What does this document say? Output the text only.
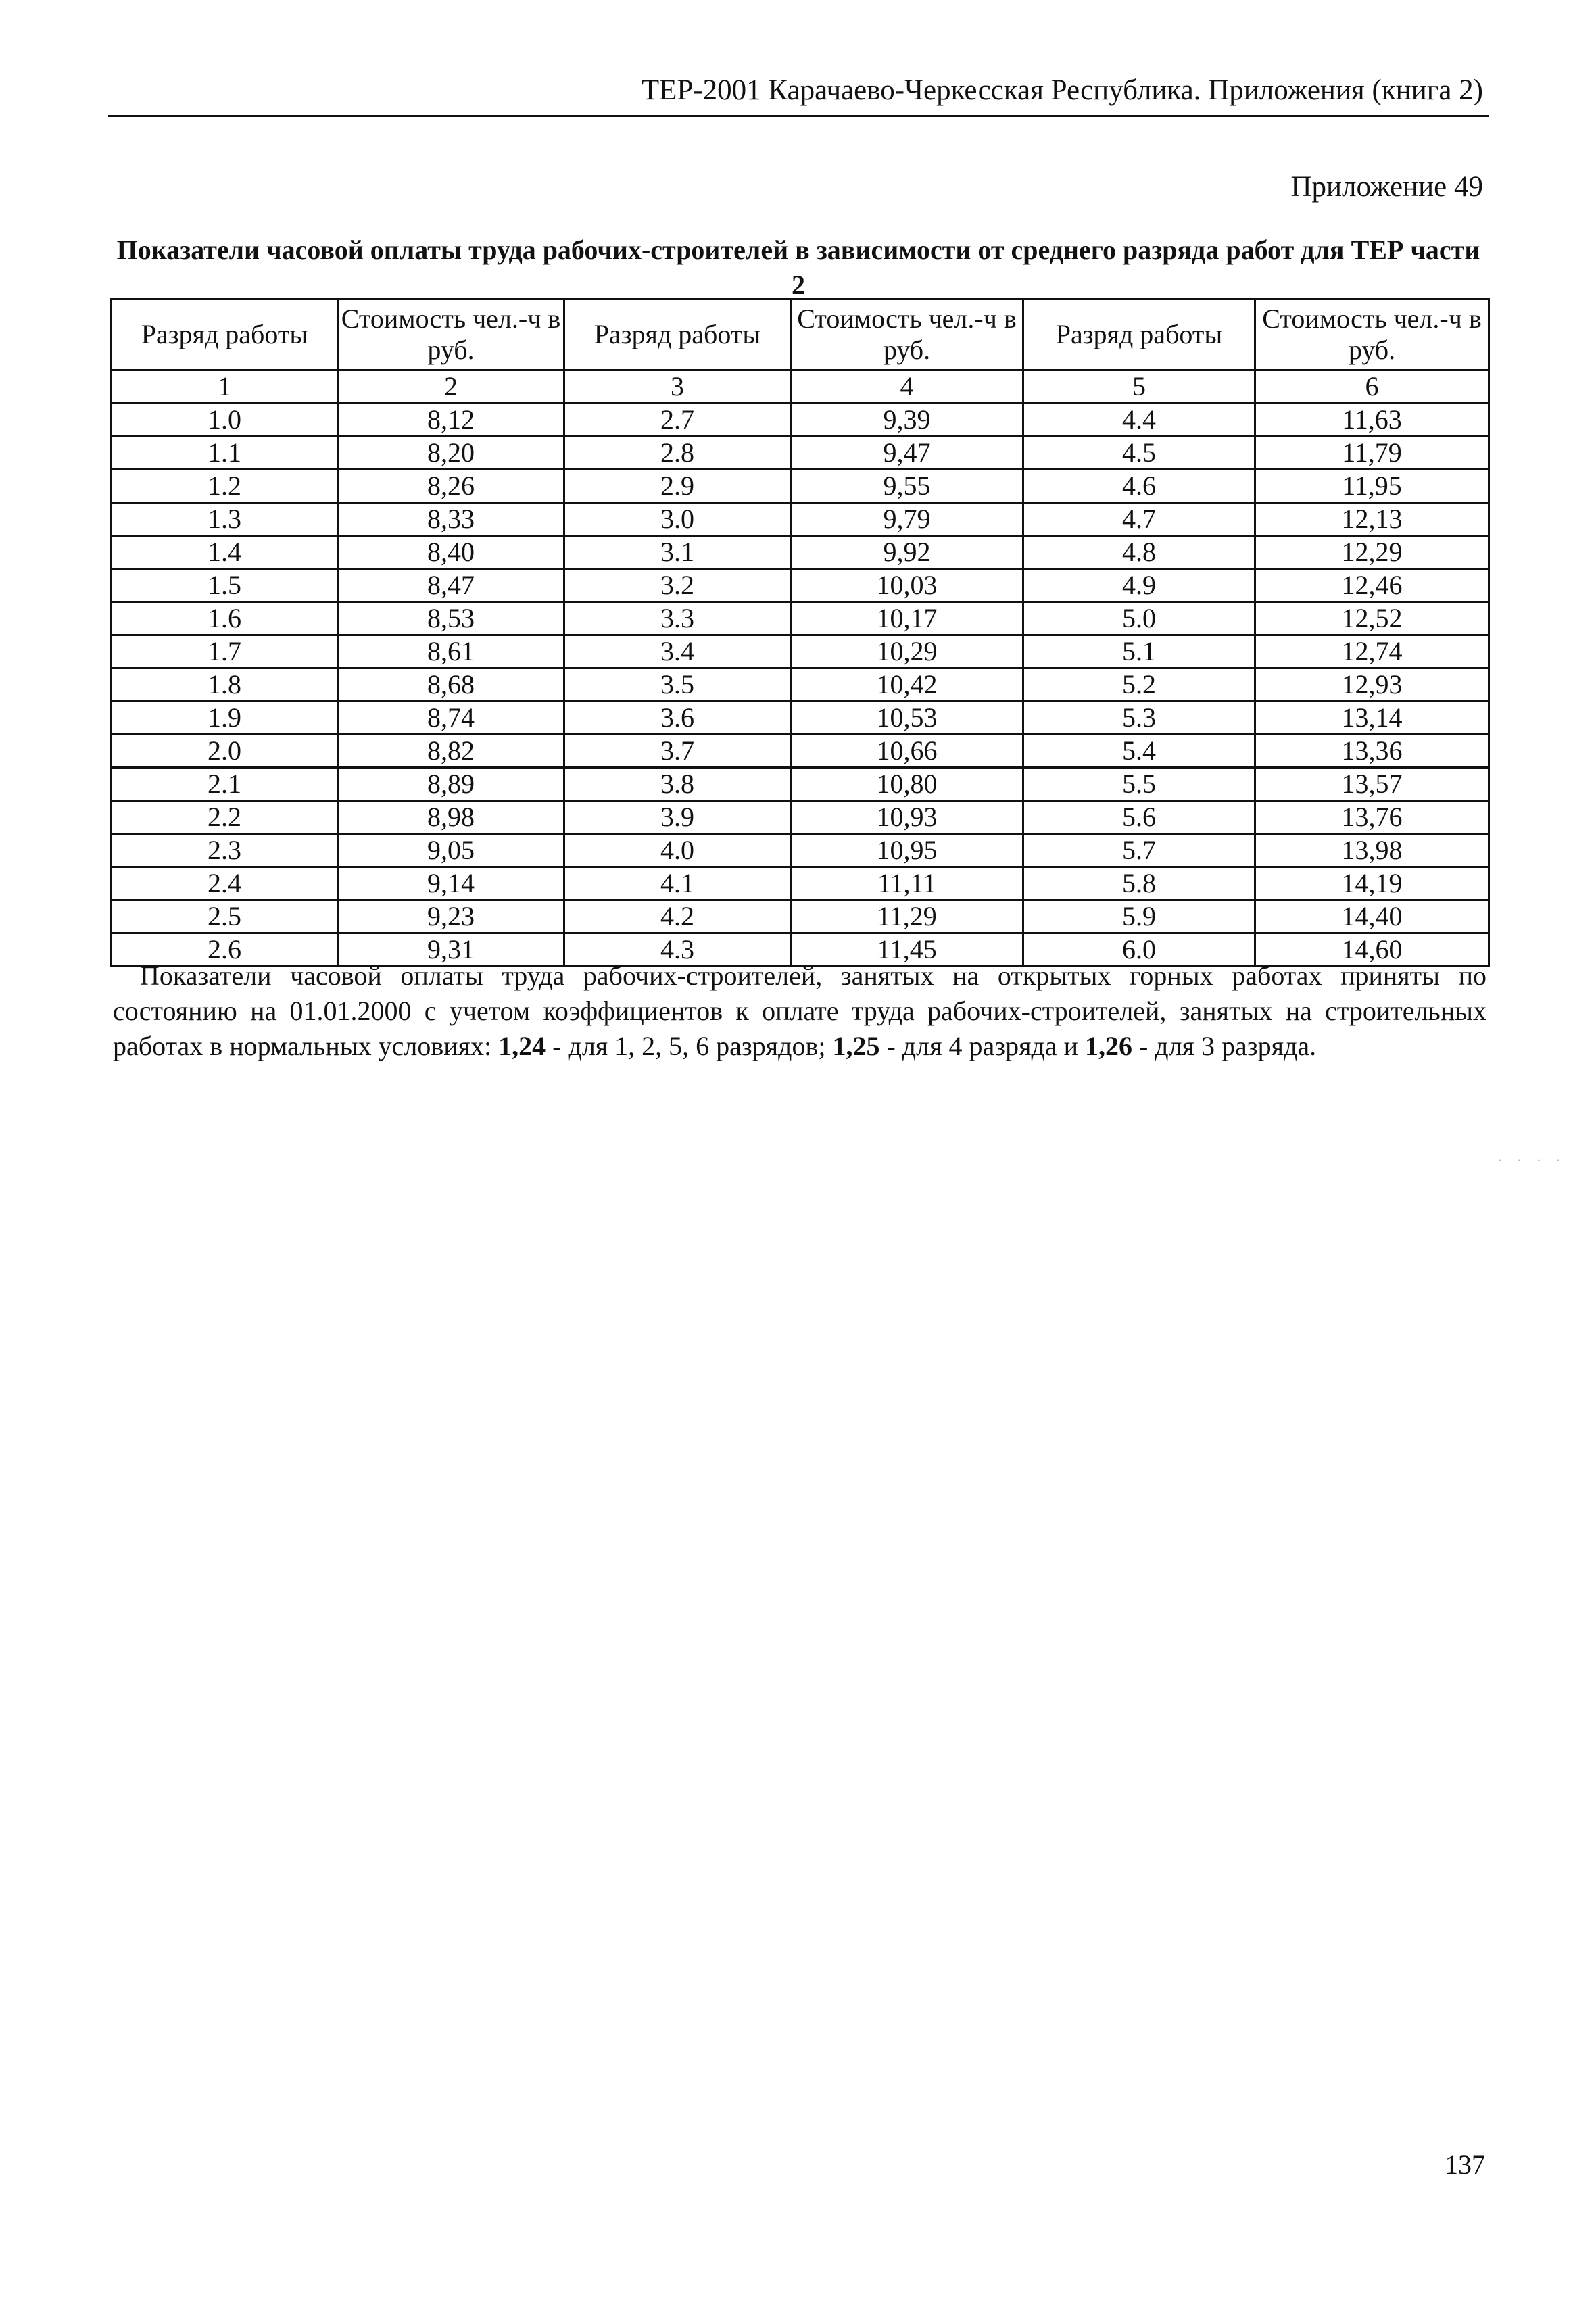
ТЕР-2001 Карачаево-Черкесская Республика. Приложения (книга 2)
Приложение 49
Показатели часовой оплаты труда рабочих-строителей в зависимости от среднего разряда работ для ТЕР части 2
Разряд работы	Стоимость чел.-ч в руб.	Разряд работы	Стоимость чел.-ч в руб.	Разряд работы	Стоимость чел.-ч в руб.
1	2	3	4	5	6
1.0	8,12	2.7	9,39	4.4	11,63
1.1	8,20	2.8	9,47	4.5	11,79
1.2	8,26	2.9	9,55	4.6	11,95
1.3	8,33	3.0	9,79	4.7	12,13
1.4	8,40	3.1	9,92	4.8	12,29
1.5	8,47	3.2	10,03	4.9	12,46
1.6	8,53	3.3	10,17	5.0	12,52
1.7	8,61	3.4	10,29	5.1	12,74
1.8	8,68	3.5	10,42	5.2	12,93
1.9	8,74	3.6	10,53	5.3	13,14
2.0	8,82	3.7	10,66	5.4	13,36
2.1	8,89	3.8	10,80	5.5	13,57
2.2	8,98	3.9	10,93	5.6	13,76
2.3	9,05	4.0	10,95	5.7	13,98
2.4	9,14	4.1	11,11	5.8	14,19
2.5	9,23	4.2	11,29	5.9	14,40
2.6	9,31	4.3	11,45	6.0	14,60
Показатели часовой оплаты труда рабочих-строителей, занятых на открытых горных работах приняты по состоянию на 01.01.2000 с учетом коэффициентов к оплате труда рабочих-строителей, занятых на строительных работах в нормальных условиях: 1,24 - для 1, 2, 5, 6 разрядов; 1,25 - для 4 разряда и 1,26 - для 3 разряда.
· · · ·
137
